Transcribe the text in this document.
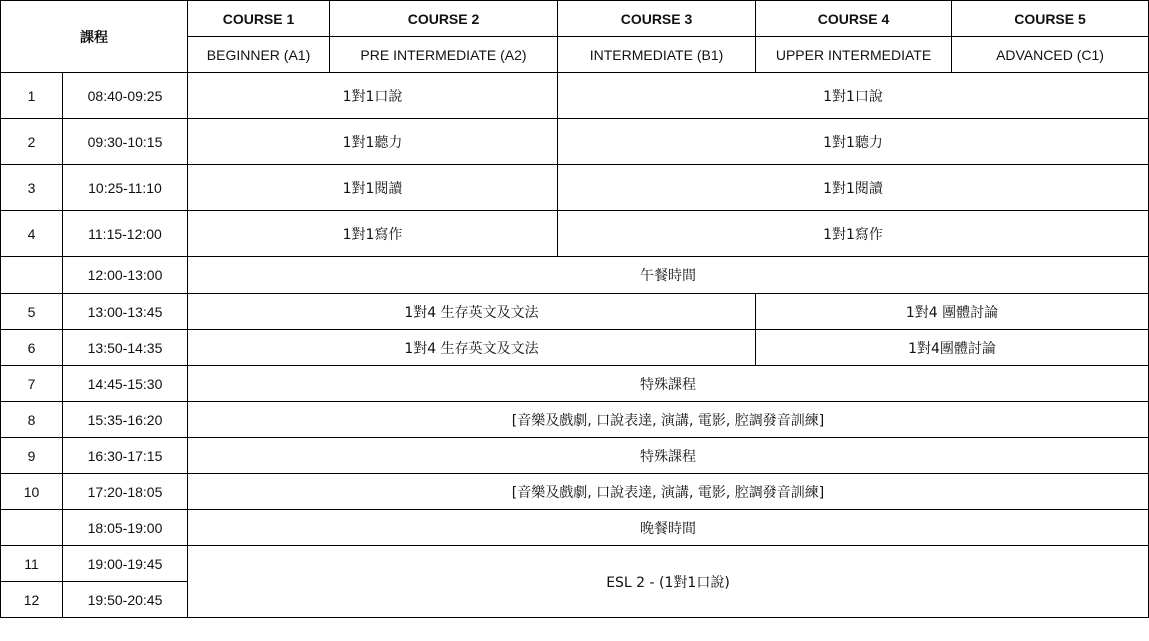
課程		COURSE 1	COURSE 2	COURSE 3	COURSE 4	COURSE 5
		BEGINNER (A1)	PRE INTERMEDIATE (A2)	INTERMEDIATE (B1)	UPPER INTERMEDIATE	ADVANCED (C1)
1	08:40-09:25	1對1口說		1對1口說		
2	09:30-10:15	1對1聽力		1對1聽力		
3	10:25-11:10	1對1閱讀		1對1閱讀		
4	11:15-12:00	1對1寫作		1對1寫作		
	12:00-13:00	午餐時間				
5	13:00-13:45	1對4 生存英文及文法			1對4 團體討論	
6	13:50-14:35	1對4 生存英文及文法			1對4團體討論	
7	14:45-15:30	特殊課程				
8	15:35-16:20	[音樂及戲劇, 口說表達, 演講, 電影, 腔調發音訓練]				
9	16:30-17:15	特殊課程				
10	17:20-18:05	[音樂及戲劇, 口說表達, 演講, 電影, 腔調發音訓練]				
	18:05-19:00	晚餐時間				
11	19:00-19:45	ESL 2 - (1對1口說)				
12	19:50-20:45					
